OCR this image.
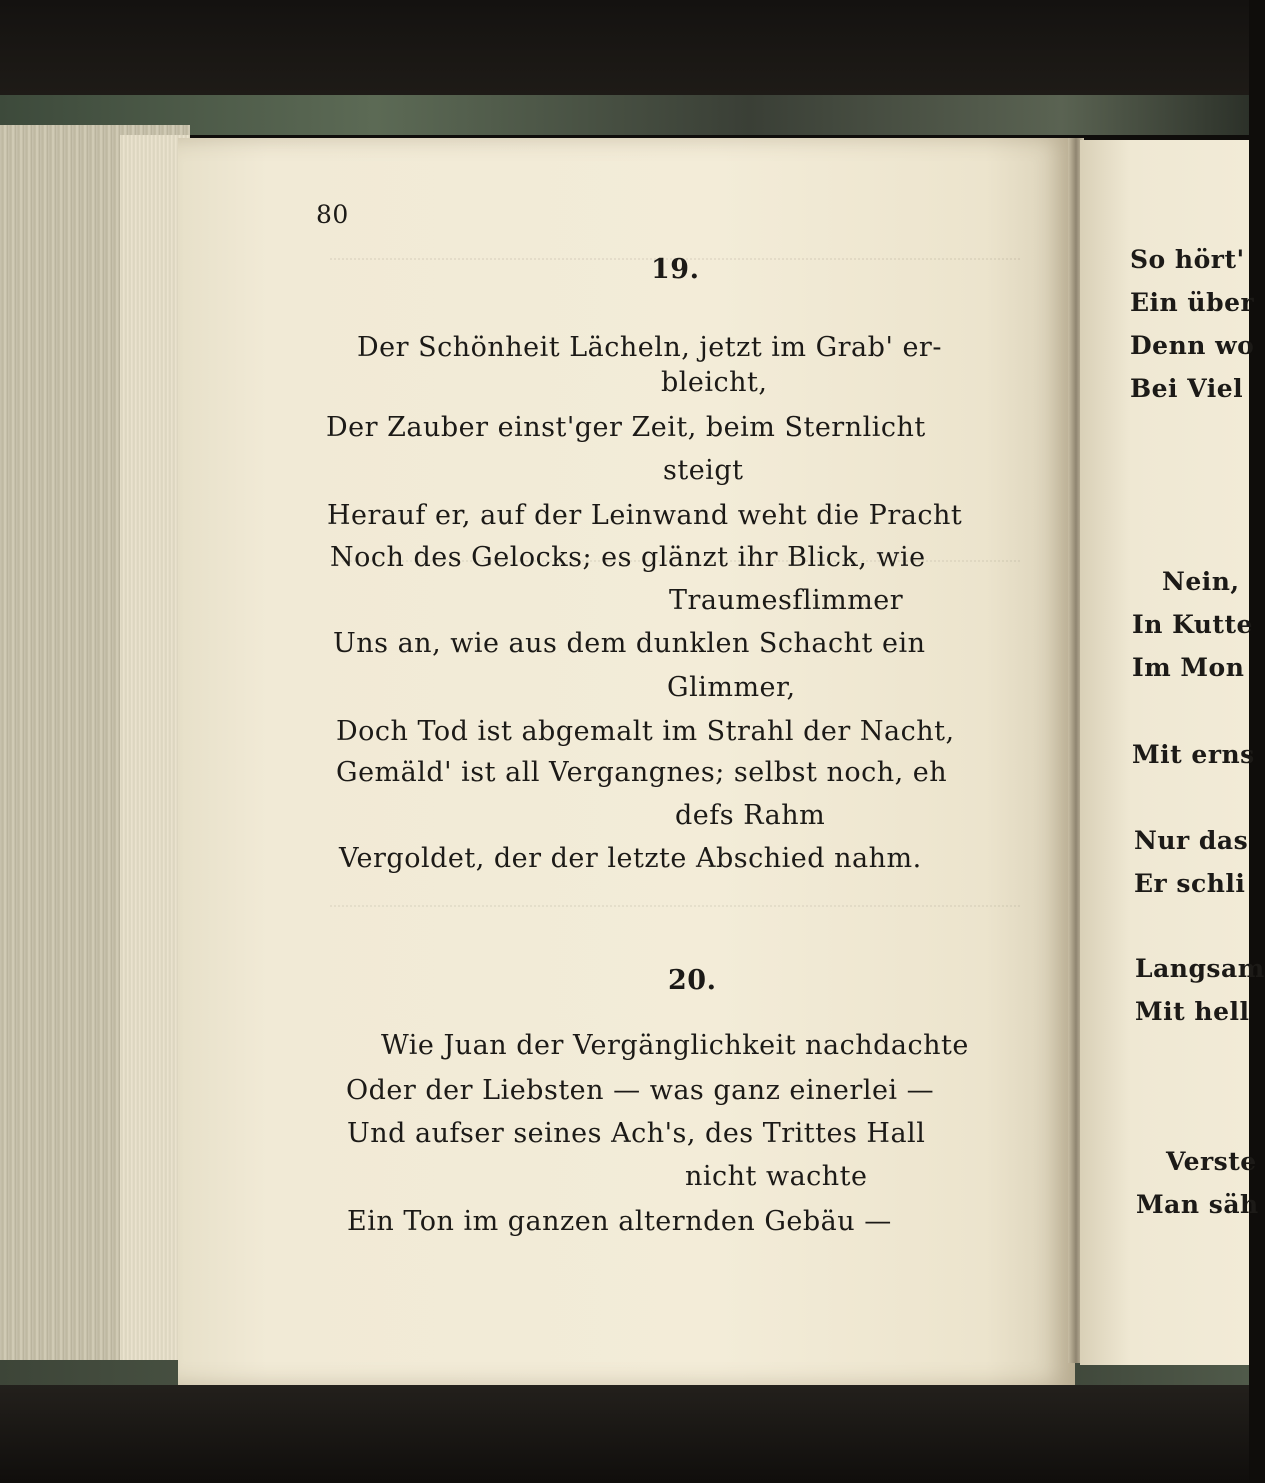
80
19.
Der Schönheit Lächeln, jetzt im Grab' er-
bleicht,
Der Zauber einst'ger Zeit, beim Sternlicht
steigt
Herauf er, auf der Leinwand weht die Pracht
Noch des Gelocks; es glänzt ihr Blick, wie
Traumesflimmer
Uns an, wie aus dem dunklen Schacht ein
Glimmer,
Doch Tod ist abgemalt im Strahl der Nacht,
Gemäld' ist all Vergangnes; selbst noch, eh
defs Rahm
Vergoldet, der der letzte Abschied nahm.
20.
Wie Juan der Vergänglichkeit nachdachte
Oder der Liebsten — was ganz einerlei —
Und aufser seines Ach's, des Trittes Hall
nicht wachte
Ein Ton im ganzen alternden Gebäu —
So hört'
Ein über
Denn wo
Bei Viel
Nein,
In Kutte
Im Mon
Mit erns
Nur das
Er schli
Langsam
Mit hell
Verste
Man säh
